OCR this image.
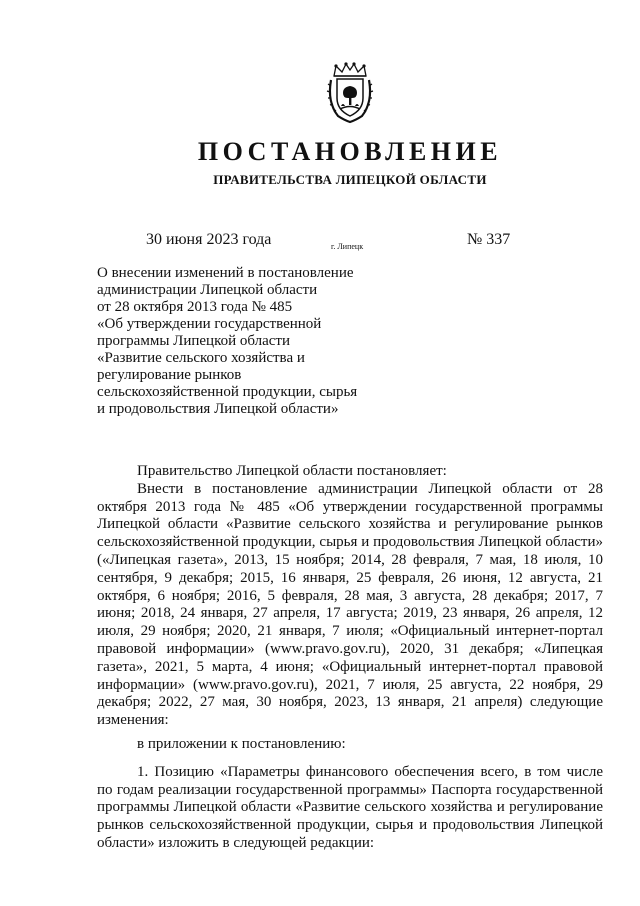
ПОСТАНОВЛЕНИЕ
ПРАВИТЕЛЬСТВА ЛИПЕЦКОЙ ОБЛАСТИ
30 июня 2023 года	г. Липецк	№ 337
О внесении изменений в постановление
администрации Липецкой области
от 28 октября 2013 года № 485
«Об утверждении государственной
программы Липецкой области
«Развитие сельского хозяйства и
регулирование рынков
сельскохозяйственной продукции, сырья
и продовольствия Липецкой области»

Правительство Липецкой области постановляет:

Внести в постановление администрации Липецкой области от 28 октября 2013 года № 485 «Об утверждении государственной программы Липецкой области «Развитие сельского хозяйства и регулирование рынков сельскохозяйственной продукции, сырья и продовольствия Липецкой области» («Липецкая газета», 2013, 15 ноября; 2014, 28 февраля, 7 мая, 18 июля, 10 сентября, 9 декабря; 2015, 16 января, 25 февраля, 26 июня, 12 августа, 21 октября, 6 ноября; 2016, 5 февраля, 28 мая, 3 августа, 28 декабря; 2017, 7 июня; 2018, 24 января, 27 апреля, 17 августа; 2019, 23 января, 26 апреля, 12 июля, 29 ноября; 2020, 21 января, 7 июля; «Официальный интернет-портал правовой информации» (www.pravo.gov.ru), 2020, 31 декабря; «Липецкая газета», 2021, 5 марта, 4 июня; «Официальный интернет-портал правовой информации» (www.pravo.gov.ru), 2021, 7 июля, 25 августа, 22 ноября, 29 декабря; 2022, 27 мая, 30 ноября, 2023, 13 января, 21 апреля) следующие изменения:

в приложении к постановлению:

1. Позицию «Параметры финансового обеспечения всего, в том числе по годам реализации государственной программы» Паспорта государственной программы Липецкой области «Развитие сельского хозяйства и регулирование рынков сельскохозяйственной продукции, сырья и продовольствия Липецкой области» изложить в следующей редакции:
